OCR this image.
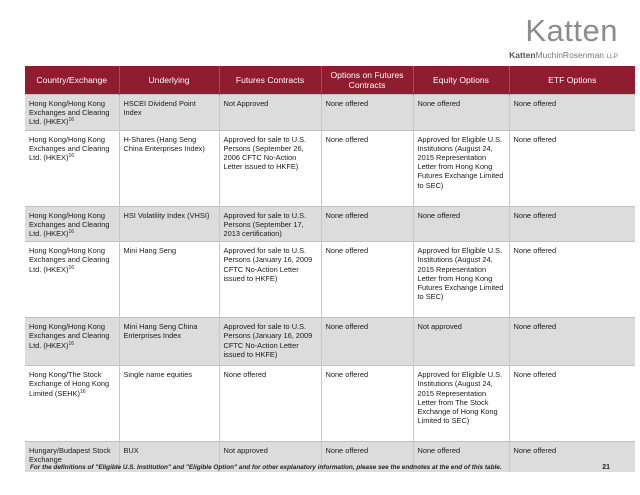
Katten
KattenMuchinRosenman LLP
Country/Exchange	Underlying	Futures Contracts	Options on Futures Contracts	Equity Options	ETF Options
Hong Kong/Hong Kong Exchanges and Clearing Ltd. (HKEX)$^{16}$	HSCEI Dividend Point Index	Not Approved	None offered	None offered	None offered
Hong Kong/Hong Kong Exchanges and Clearing Ltd. (HKEX)$^{16}$	H-Shares (Hang Seng China Enterprises Index)	Approved for sale to U.S. Persons (September 26, 2006 CFTC No-Action Letter issued to HKFE)	None offered	Approved for Eligible U.S. Institutions (August 24, 2015 Representation Letter from Hong Kong Futures Exchange Limited to SEC)	None offered
Hong Kong/Hong Kong Exchanges and Clearing Ltd. (HKEX)$^{16}$	HSI Volatility Index (VHSI)	Approved for sale to U.S. Persons (September 17, 2013 certification)	None offered	None offered	None offered
Hong Kong/Hong Kong Exchanges and Clearing Ltd. (HKEX)$^{16}$	Mini Hang Seng	Approved for sale to U.S. Persons (January 16, 2009 CFTC No-Action Letter issued to HKFE)	None offered	Approved for Eligible U.S. Institutions (August 24, 2015 Representation Letter from Hong Kong Futures Exchange Limited to SEC)	None offered
Hong Kong/Hong Kong Exchanges and Clearing Ltd. (HKEX)$^{16}$	Mini Hang Seng China Enterprises Index	Approved for sale to U.S. Persons (January 16, 2009 CFTC No-Action Letter issued to HKFE)	None offered	Not approved	None offered
Hong Kong/The Stock Exchange of Hong Kong Limited (SEHK)$^{16}$	Single name equities	None offered	None offered	Approved for Eligible U.S. Institutions (August 24, 2015 Representation Letter from The Stock Exchange of Hong Kong Limited to SEC)	None offered
Hungary/Budapest Stock Exchange	BUX	Not approved	None offered	None offered	None offered
For the definitions of "Eligible U.S. Institution" and "Eligible Option" and for other explanatory information, please see the endnotes at the end of this table.	21
